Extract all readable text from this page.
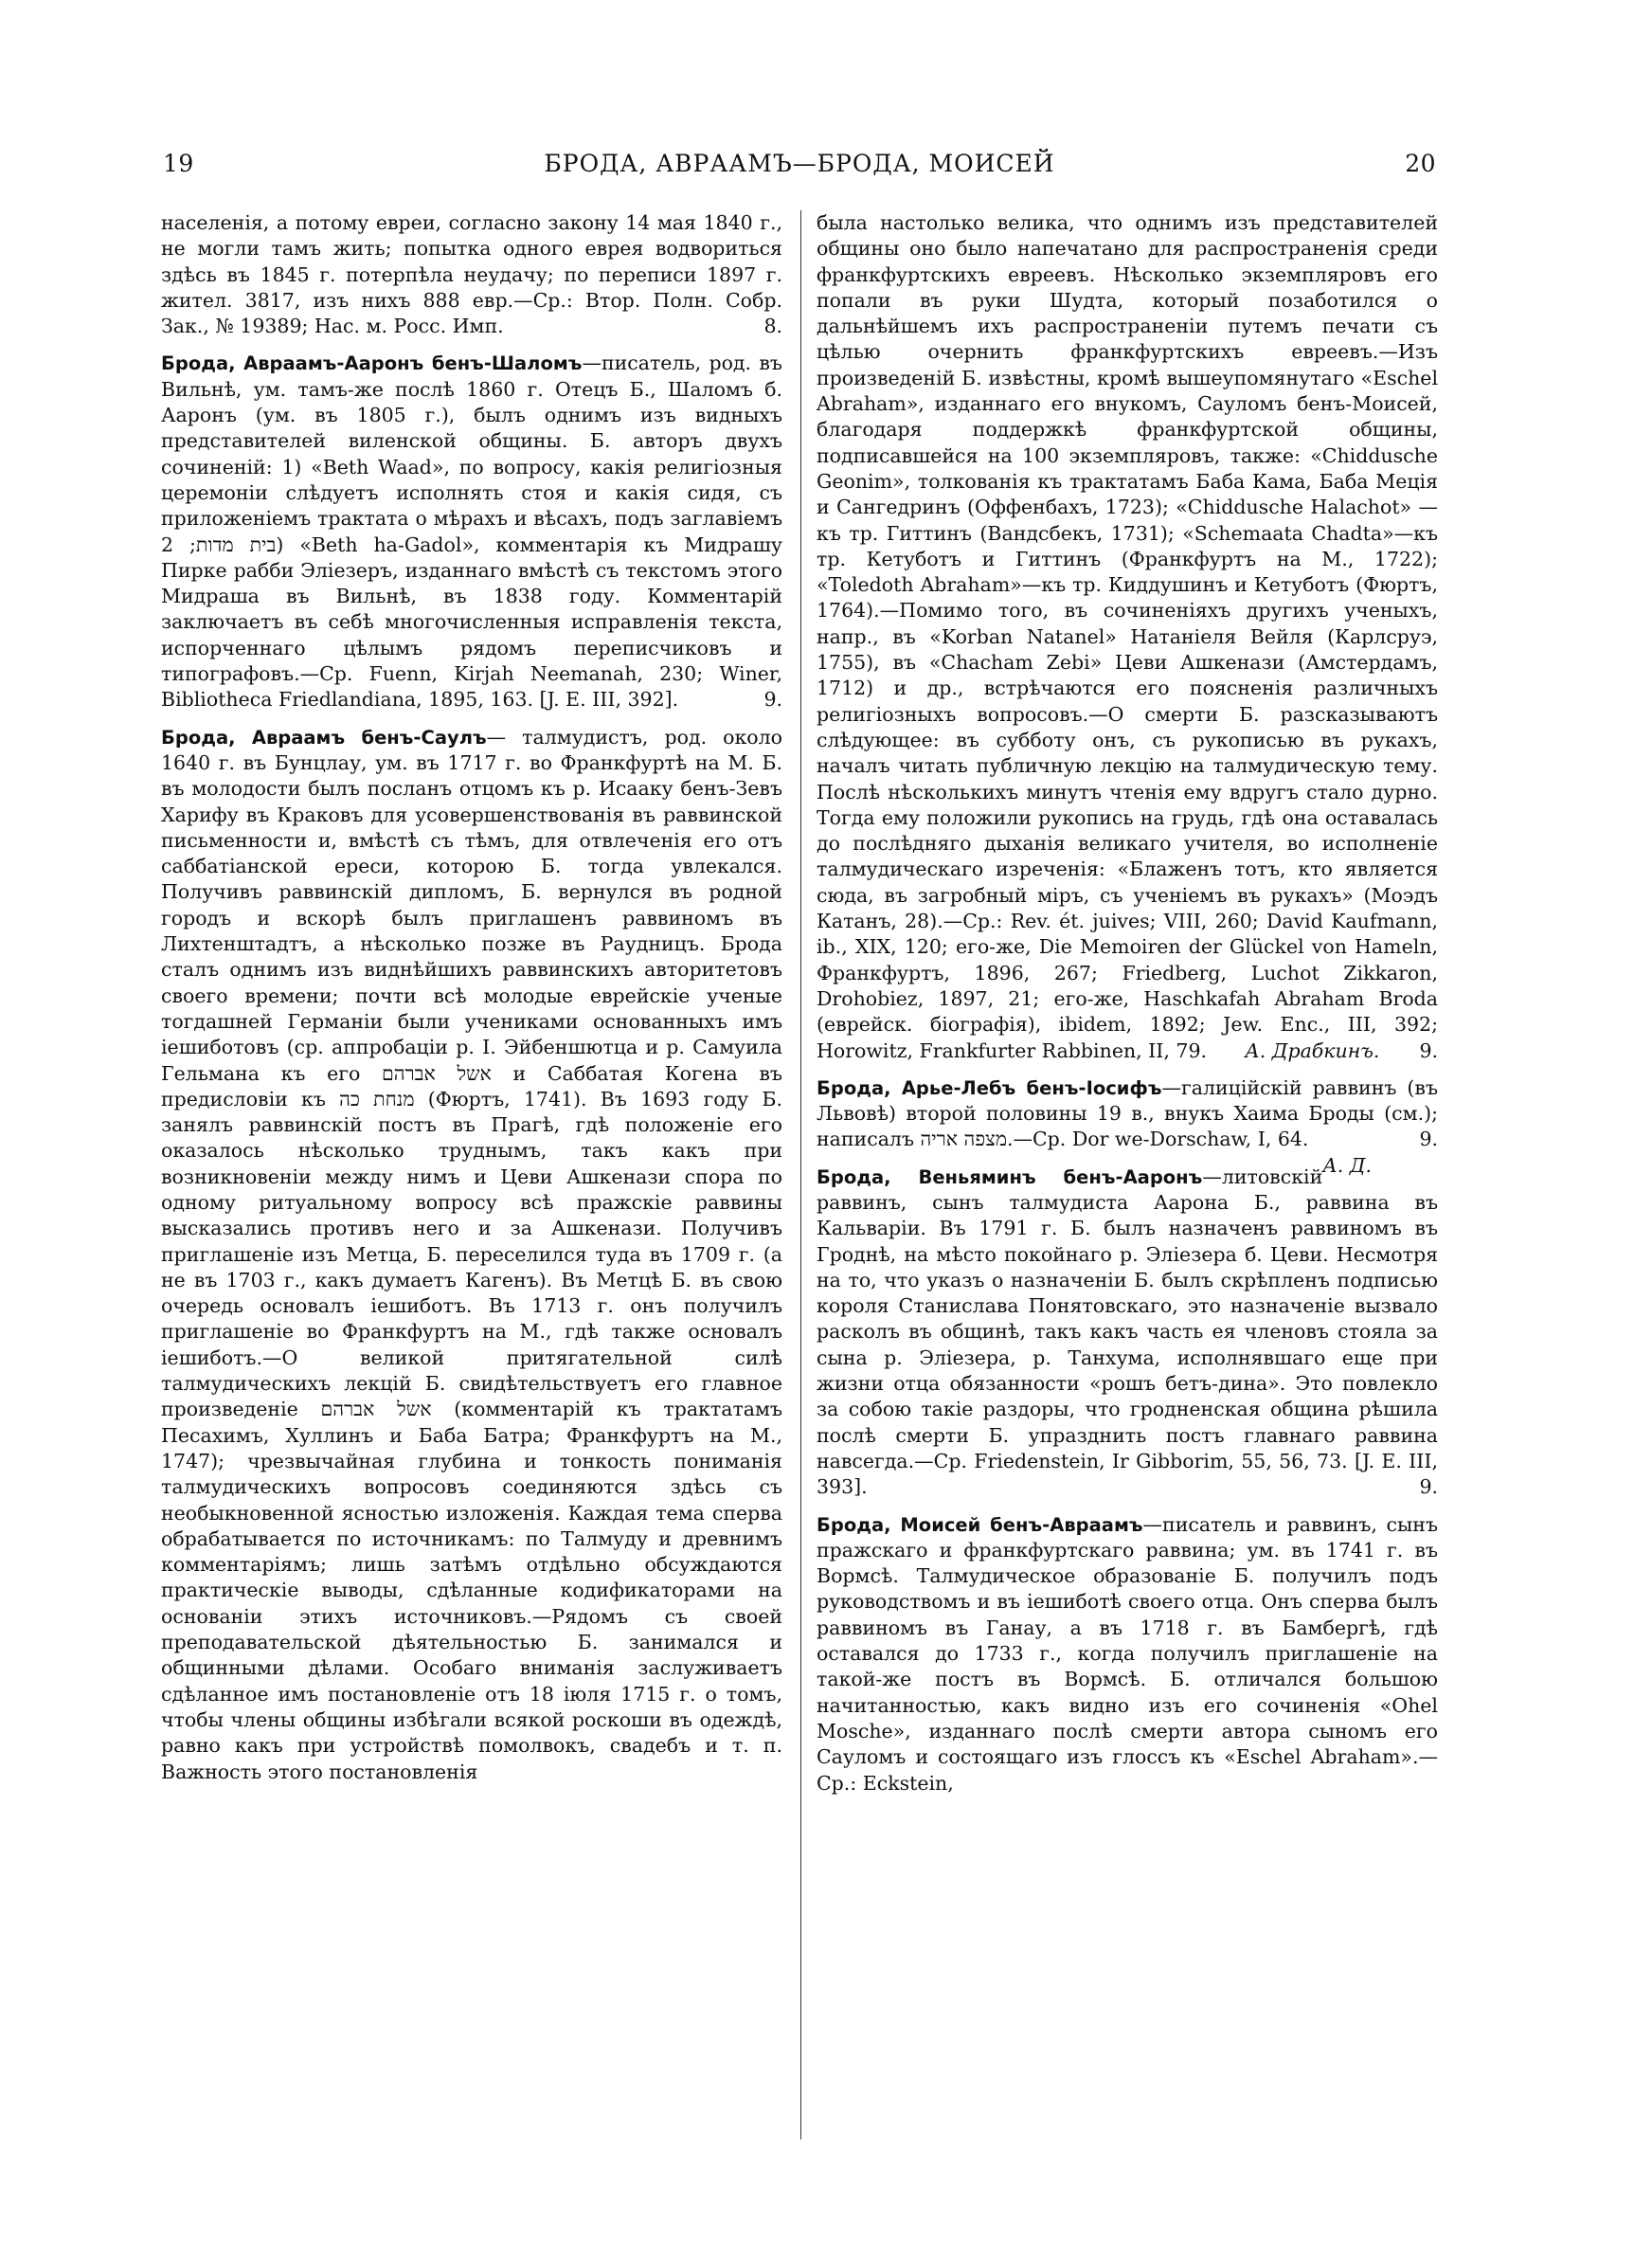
19	БРОДА, АВРААМЪ—БРОДА, МОИСЕЙ	20

населенія, а потому евреи, согласно закону 14 мая 1840 г., не могли тамъ жить; попытка одного еврея водвориться здѣсь въ 1845 г. потерпѣла неудачу; по переписи 1897 г. жител. 3817, изъ нихъ 888 евр.—Ср.: Втор. Полн. Собр. Зак., № 19389; Нас. м. Росс. Имп.	8.

Брода, Авраамъ-Ааронъ бенъ-Шаломъ—писатель, род. въ Вильнѣ, ум. тамъ-же послѣ 1860 г. Отецъ Б., Шаломъ б. Ааронъ (ум. въ 1805 г.), былъ однимъ изъ видныхъ представителей виленской общины. Б. авторъ двухъ сочиненій: 1) «Beth Waad», по вопросу, какія религіозныя церемоніи слѣдуетъ исполнять стоя и какія сидя, съ приложеніемъ трактата о мѣрахъ и вѣсахъ, подъ заглавіемъ בית מדות; 2) «Beth ha-Gadol», комментарія къ Мидрашу Пирке рабби Эліезеръ, изданнаго вмѣстѣ съ текстомъ этого Мидраша въ Вильнѣ, въ 1838 году. Комментарій заключаетъ въ себѣ многочисленныя исправленія текста, испорченнаго цѣлымъ рядомъ переписчиковъ и типографовъ.—Ср. Fuenn, Kirjah Neemanah, 230; Winer, Bibliotheca Friedlandiana, 1895, 163. [J. E. III, 392].	9.

Брода, Авраамъ бенъ-Саулъ— талмудистъ, род. около 1640 г. въ Бунцлау, ум. въ 1717 г. во Франкфуртѣ на М. Б. въ молодости былъ посланъ отцомъ къ р. Исааку бенъ-Зевъ Харифу въ Краковъ для усовершенствованія въ раввинской письменности и, вмѣстѣ съ тѣмъ, для отвлеченія его отъ саббатіанской ереси, которою Б. тогда увлекался. Получивъ раввинскій дипломъ, Б. вернулся въ родной городъ и вскорѣ былъ приглашенъ раввиномъ въ Лихтенштадтъ, а нѣсколько позже въ Раудницъ. Брода сталъ однимъ изъ виднѣйшихъ раввинскихъ авторитетовъ своего времени; почти всѣ молодые еврейскіе ученые тогдашней Германіи были учениками основанныхъ имъ іешиботовъ (ср. аппробаціи р. I. Эйбеншютца и р. Самуила Гельмана къ его אשל אברהם и Саббатая Когена въ предисловіи къ מנחת כה (Фюртъ, 1741). Въ 1693 году Б. занялъ раввинскій постъ въ Прагѣ, гдѣ положеніе его оказалось нѣсколько труднымъ, такъ какъ при возникновеніи между нимъ и Цеви Ашкенази спора по одному ритуальному вопросу всѣ пражскіе раввины высказались противъ него и за Ашкенази. Получивъ приглашеніе изъ Метца, Б. переселился туда въ 1709 г. (а не въ 1703 г., какъ думаетъ Кагенъ). Въ Метцѣ Б. въ свою очередь основалъ іешиботъ. Въ 1713 г. онъ получилъ приглашеніе во Франкфуртъ на М., гдѣ также основалъ іешиботъ.—О великой притягательной силѣ талмудическихъ лекцій Б. свидѣтельствуетъ его главное произведеніе אשל אברהם (комментарій къ трактатамъ Песахимъ, Хуллинъ и Баба Батра; Франкфуртъ на М., 1747); чрезвычайная глубина и тонкость пониманія талмудическихъ вопросовъ соединяются здѣсь съ необыкновенной ясностью изложенія. Каждая тема сперва обрабатывается по источникамъ: по Талмуду и древнимъ комментаріямъ; лишь затѣмъ отдѣльно обсуждаются практическіе выводы, сдѣланные кодификаторами на основаніи этихъ источниковъ.—Рядомъ съ своей преподавательской дѣятельностью Б. занимался и общинными дѣлами. Особаго вниманія заслуживаетъ сдѣланное имъ постановленіе отъ 18 іюля 1715 г. о томъ, чтобы члены общины избѣгали всякой роскоши въ одеждѣ, равно какъ при устройствѣ помолвокъ, свадебъ и т. п. Важность этого постановленія

была настолько велика, что однимъ изъ представителей общины оно было напечатано для распространенія среди франкфуртскихъ евреевъ. Нѣсколько экземпляровъ его попали въ руки Шудта, который позаботился о дальнѣйшемъ ихъ распространеніи путемъ печати съ цѣлью очернить франкфуртскихъ евреевъ.—Изъ произведеній Б. извѣстны, кромѣ вышеупомянутаго «Eschel Abraham», изданнаго его внукомъ, Сауломъ бенъ-Моисей, благодаря поддержкѣ франкфуртской общины, подписавшейся на 100 экземпляровъ, также: «Chidduschе Geonim», толкованія къ трактатамъ Баба Кама, Баба Меція и Сангедринъ (Оффенбахъ, 1723); «Chidduschе Halachot» — къ тр. Гиттинъ (Вандсбекъ, 1731); «Schemaata Chadta»—къ тр. Кетуботъ и Гиттинъ (Франкфуртъ на М., 1722); «Toledoth Abraham»—къ тр. Киддушинъ и Кетуботъ (Фюртъ, 1764).—Помимо того, въ сочиненіяхъ другихъ ученыхъ, напр., въ «Korban Natanel» Натаніеля Вейля (Карлсруэ, 1755), въ «Chacham Zebi» Цеви Ашкенази (Амстердамъ, 1712) и др., встрѣчаются его поясненія различныхъ религіозныхъ вопросовъ.—О смерти Б. разсказываютъ слѣдующее: въ субботу онъ, съ рукописью въ рукахъ, началъ читать публичную лекцію на талмудическую тему. Послѣ нѣсколькихъ минутъ чтенія ему вдругъ стало дурно. Тогда ему положили рукопись на грудь, гдѣ она оставалась до послѣдняго дыханія великаго учителя, во исполненіе талмудическаго изреченія: «Блаженъ тотъ, кто является сюда, въ загробный міръ, съ ученіемъ въ рукахъ» (Моэдъ Катанъ, 28).—Ср.: Rev. ét. juives; VIII, 260; David Kaufmann, ib., XIX, 120; его-же, Die Memoiren der Glückel von Hameln, Франкфуртъ, 1896, 267; Friedberg, Luchot Zikkaron, Drohobiez, 1897, 21; его-же, Haschkafah Abraham Broda (еврейск. біографія), ibidem, 1892; Jew. Enc., III, 392; Horowitz, Frankfurter Rabbinen, II, 79.	9.
А. Драбкинъ.

Брода, Арье-Лебъ бенъ-Іосифъ—галиційскій раввинъ (въ Львовѣ) второй половины 19 в., внукъ Хаима Броды (см.); написалъ מצפה אריה.—Ср. Dor we-Dorschaw, I, 64.	9.
А. Д.

Брода, Веньяминъ бенъ-Ааронъ—литовскій раввинъ, сынъ талмудиста Аарона Б., раввина въ Кальваріи. Въ 1791 г. Б. былъ назначенъ раввиномъ въ Гроднѣ, на мѣсто покойнаго р. Эліезера б. Цеви. Несмотря на то, что указъ о назначеніи Б. былъ скрѣпленъ подписью короля Станислава Понятовскаго, это назначеніе вызвало расколъ въ общинѣ, такъ какъ часть ея членовъ стояла за сына р. Эліезера, р. Танхума, исполнявшаго еще при жизни отца обязанности «рошъ бетъ-дина». Это повлекло за собою такіе раздоры, что гродненская община рѣшила послѣ смерти Б. упразднить постъ главнаго раввина навсегда.—Ср. Friedenstein, Ir Gibborim, 55, 56, 73. [J. E. III, 393].	9.

Брода, Моисей бенъ-Авраамъ—писатель и раввинъ, сынъ пражскаго и франкфуртскаго раввина; ум. въ 1741 г. въ Вормсѣ. Талмудическое образованіе Б. получилъ подъ руководствомъ и въ іешиботѣ своего отца. Онъ сперва былъ раввиномъ въ Ганау, а въ 1718 г. въ Бамбергѣ, гдѣ оставался до 1733 г., когда получилъ приглашеніе на такой-же постъ въ Вормсѣ. Б. отличался большою начитанностью, какъ видно изъ его сочиненія «Ohel Moschе», изданнаго послѣ смерти автора сыномъ его Сауломъ и состоящаго изъ глоссъ къ «Eschel Abraham».—Ср.: Eckstein,
